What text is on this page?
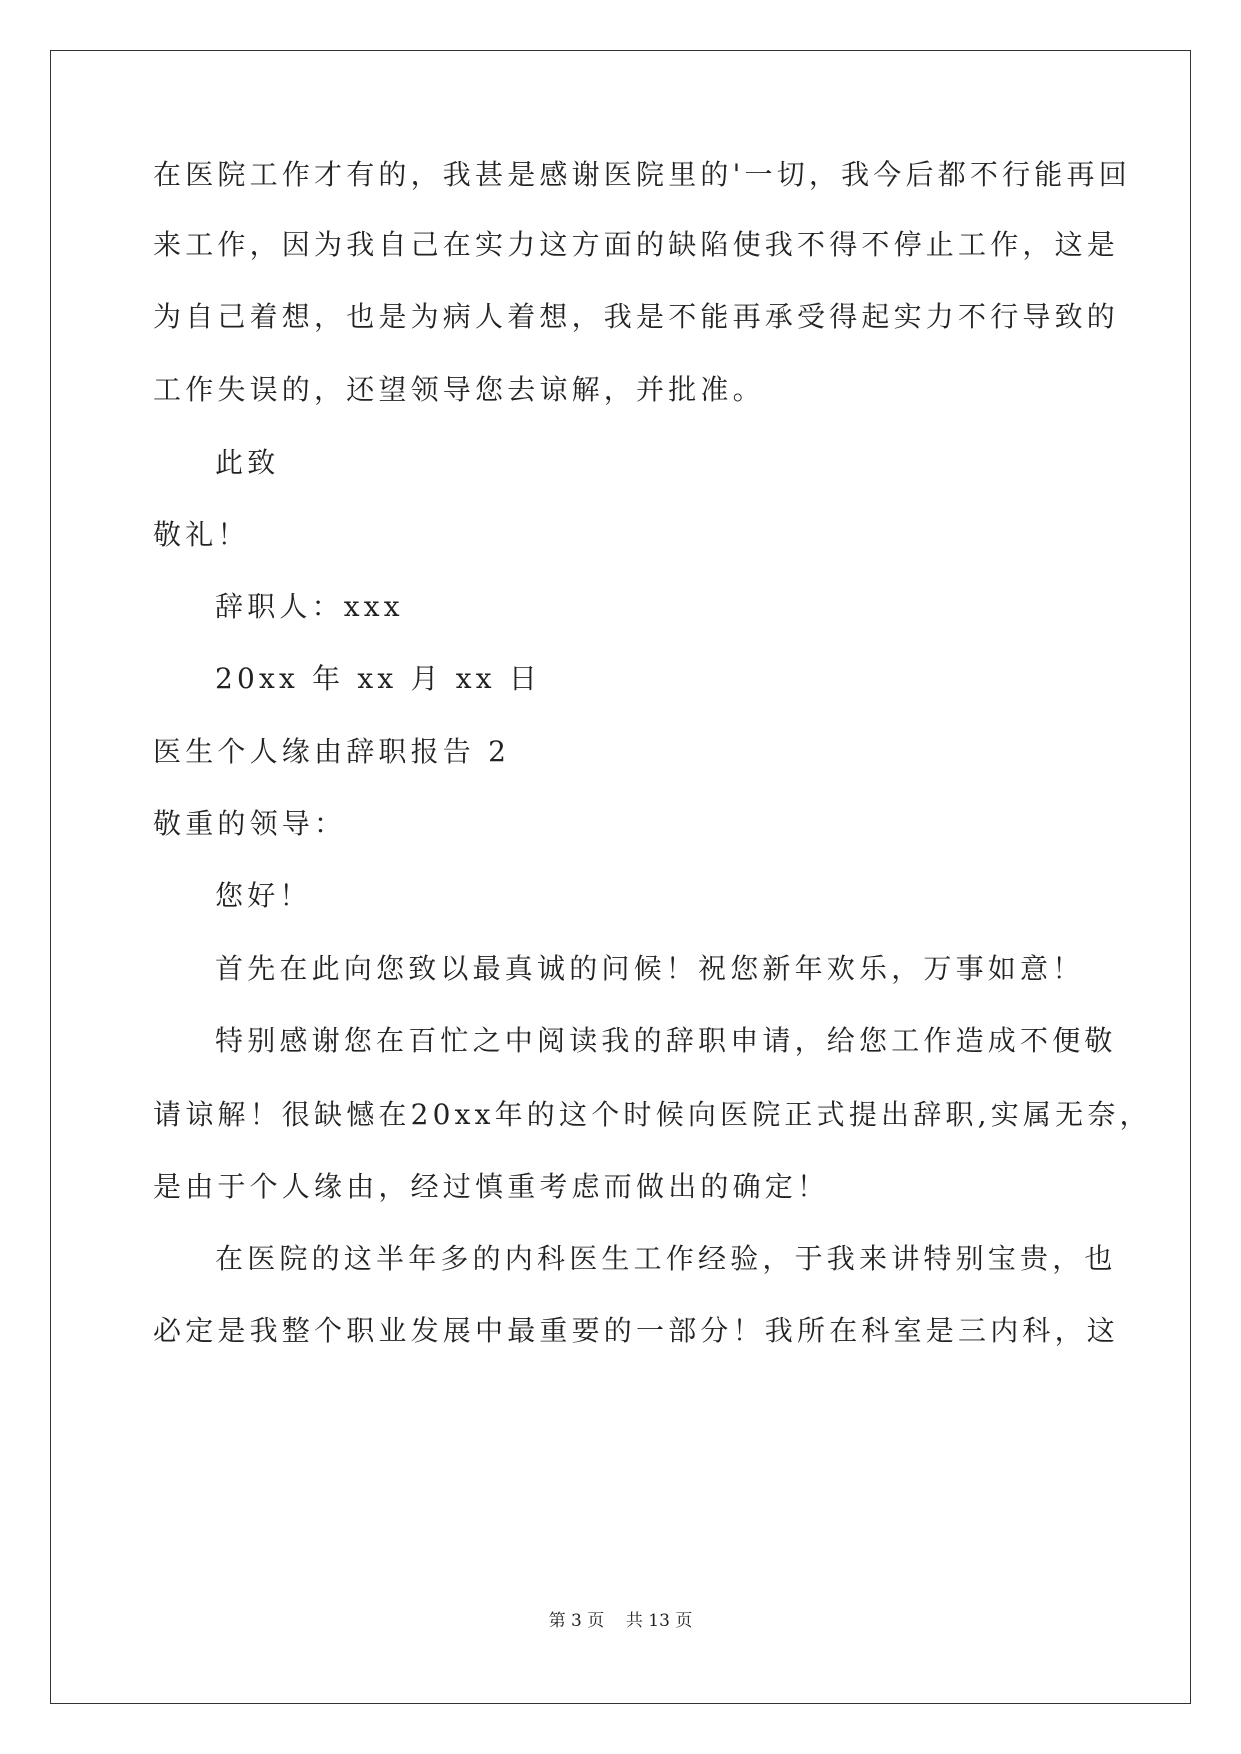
在医院工作才有的，我甚是感谢医院里的'一切，我今后都不行能再回
来工作，因为我自己在实力这方面的缺陷使我不得不停止工作，这是
为自己着想，也是为病人着想，我是不能再承受得起实力不行导致的
工作失误的，还望领导您去谅解，并批准。
此致
敬礼！
辞职人：xxx
20xx 年 xx 月 xx 日
医生个人缘由辞职报告 2
敬重的领导：
您好！
首先在此向您致以最真诚的问候！祝您新年欢乐，万事如意！
特别感谢您在百忙之中阅读我的辞职申请，给您工作造成不便敬
请谅解！很缺憾在20xx年的这个时候向医院正式提出辞职,实属无奈，
是由于个人缘由，经过慎重考虑而做出的确定！
在医院的这半年多的内科医生工作经验，于我来讲特别宝贵，也
必定是我整个职业发展中最重要的一部分！我所在科室是三内科，这
第 3 页    共 13 页
